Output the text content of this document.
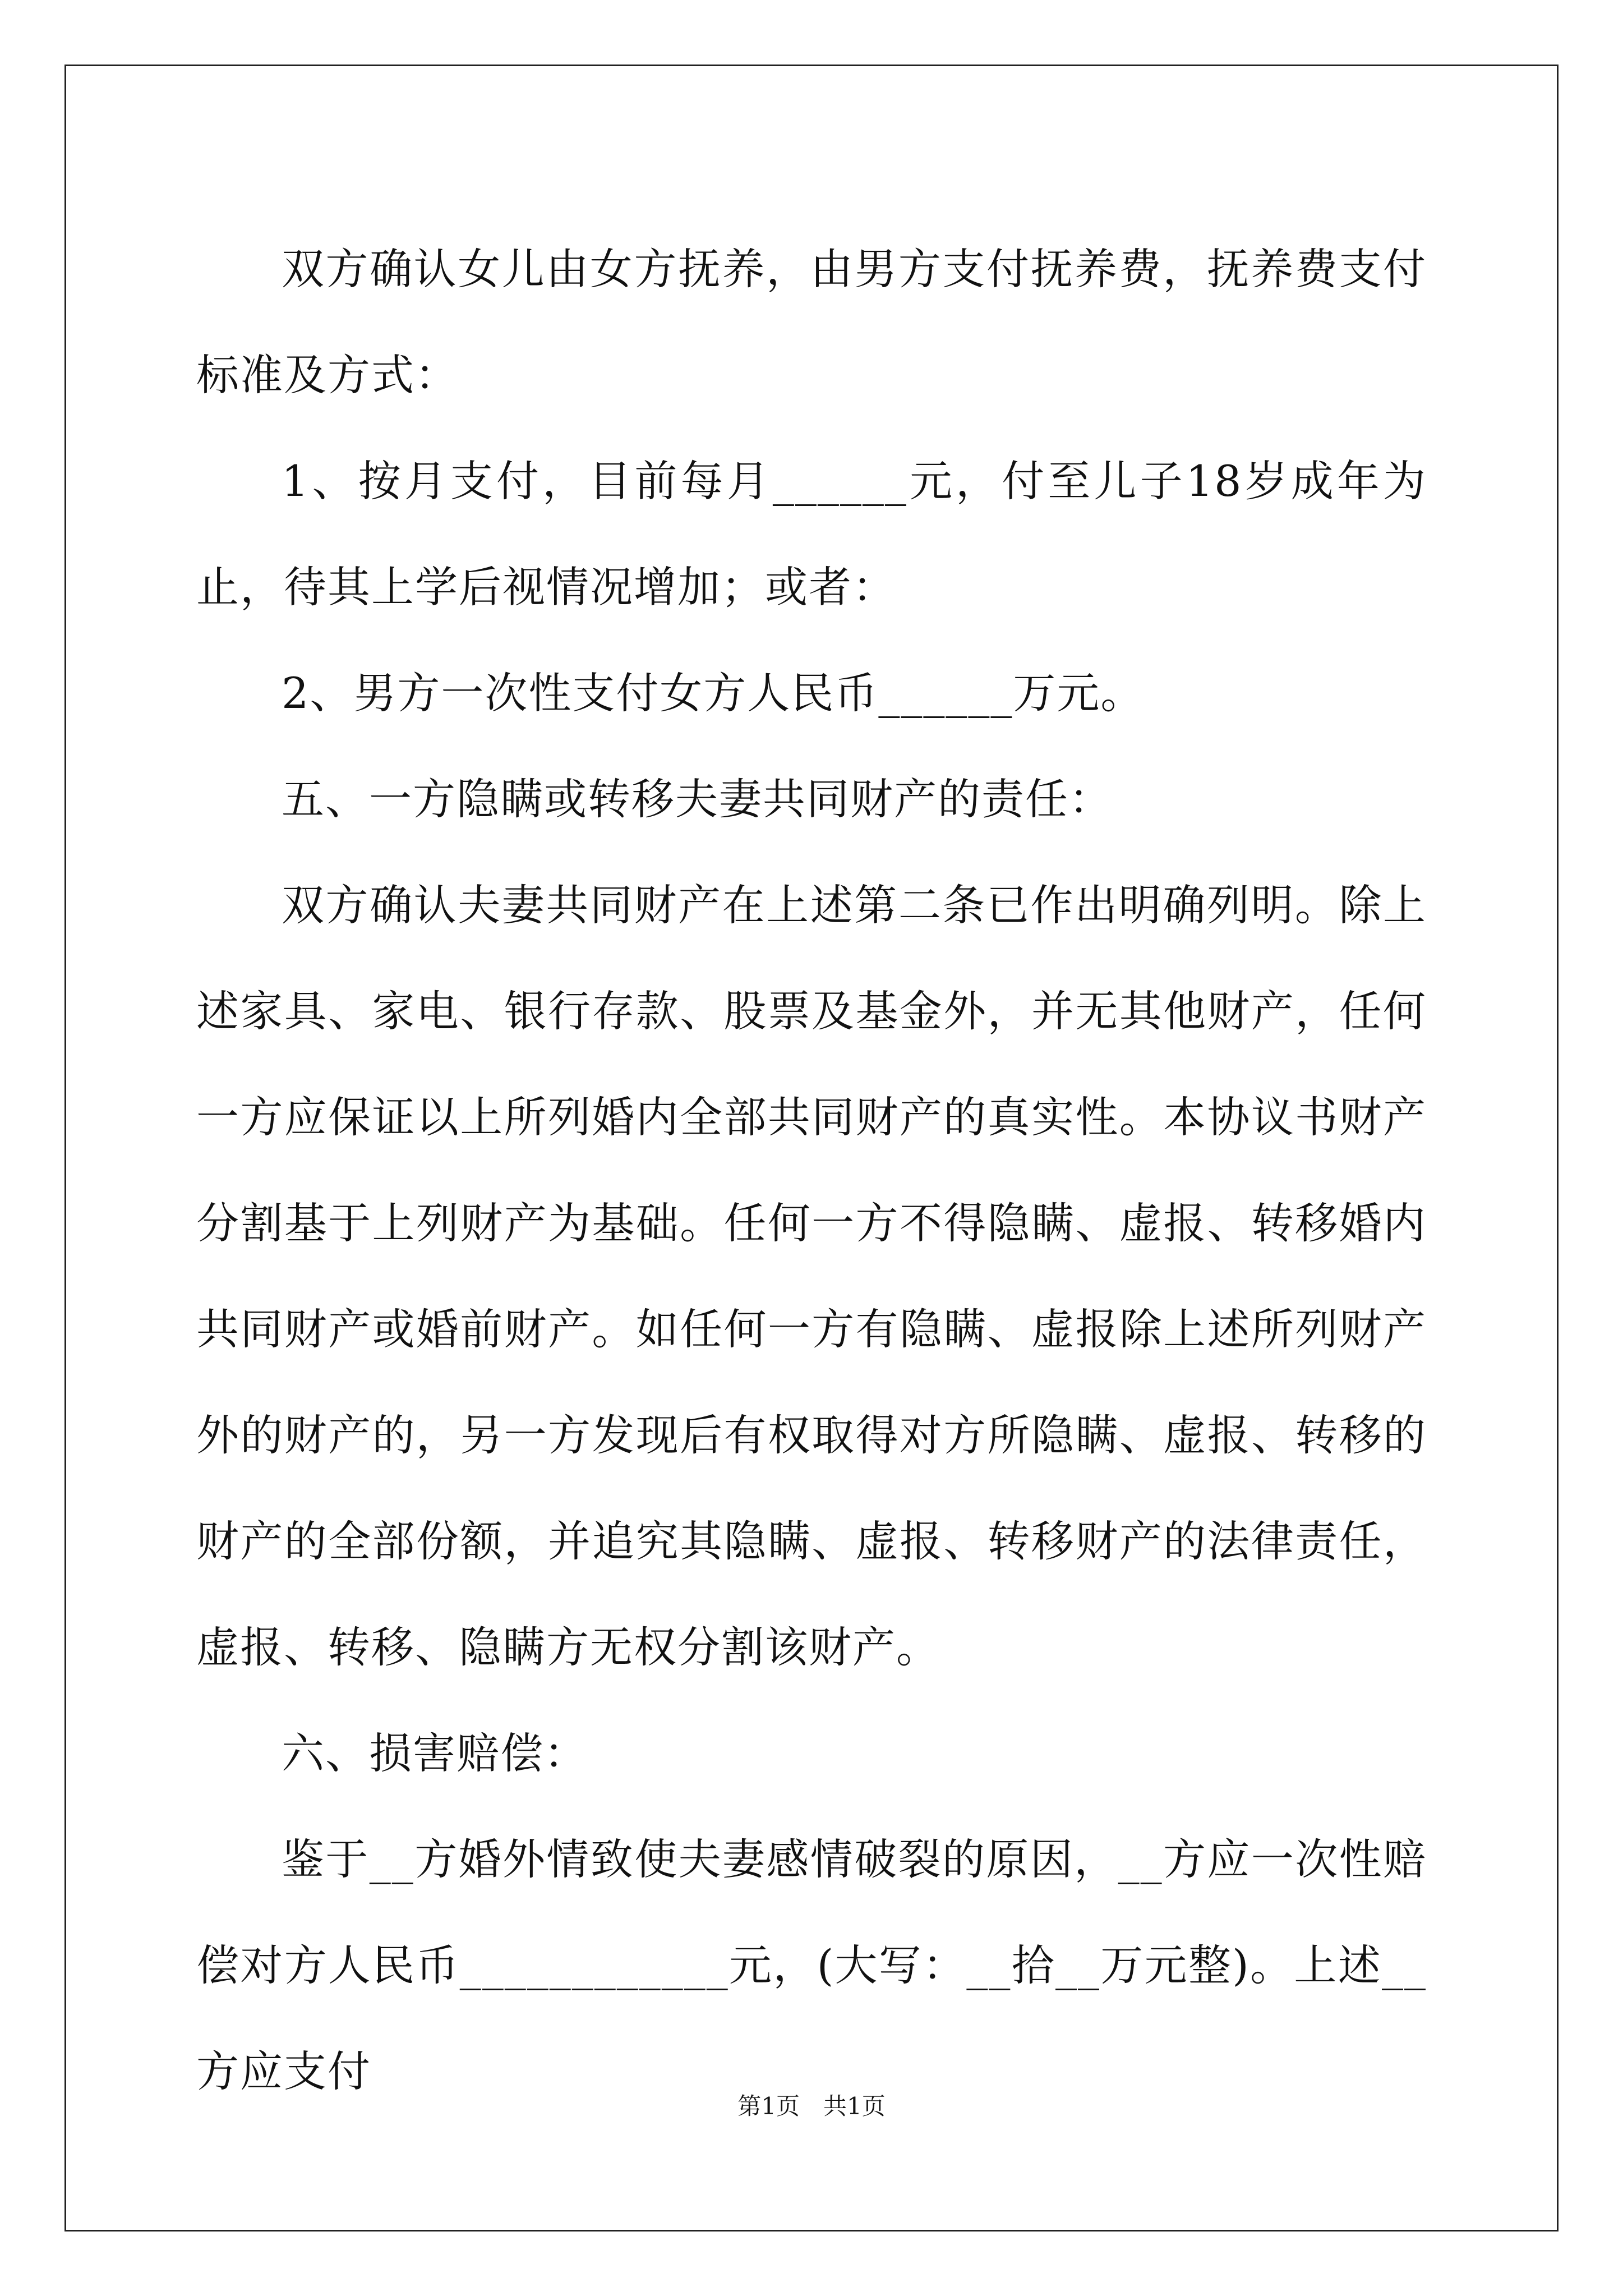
双方确认女儿由女方抚养，由男方支付抚养费，抚养费支付标准及方式：

1、按月支付，目前每月______元，付至儿子18岁成年为止，待其上学后视情况增加；或者：

2、男方一次性支付女方人民币______万元。

五、一方隐瞒或转移夫妻共同财产的责任：

双方确认夫妻共同财产在上述第二条已作出明确列明。除上述家具、家电、银行存款、股票及基金外，并无其他财产，任何一方应保证以上所列婚内全部共同财产的真实性。本协议书财产分割基于上列财产为基础。任何一方不得隐瞒、虚报、转移婚内共同财产或婚前财产。如任何一方有隐瞒、虚报除上述所列财产外的财产的，另一方发现后有权取得对方所隐瞒、虚报、转移的财产的全部份额，并追究其隐瞒、虚报、转移财产的法律责任，虚报、转移、隐瞒方无权分割该财产。

六、损害赔偿：

鉴于__方婚外情致使夫妻感情破裂的原因，__方应一次性赔偿对方人民币____________元，(大写：__拾__万元整)。上述__方应支付

第1页　共1页
